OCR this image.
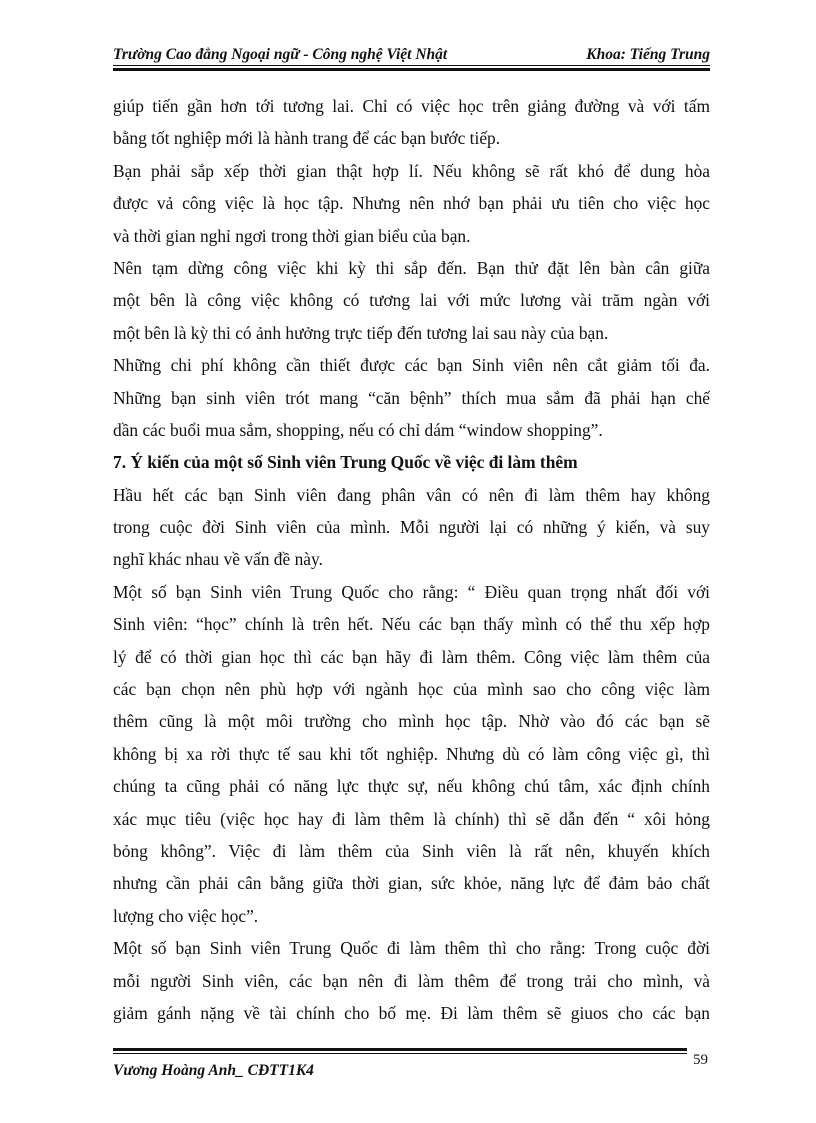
Trường Cao đẳng Ngoại ngữ - Công nghệ Việt Nhật	Khoa: Tiếng Trung
giúp tiến gần hơn tới tương lai. Chỉ có việc học trên giảng đường và với tấm
bằng tốt nghiệp mới là hành trang để các bạn bước tiếp.
Bạn phải sắp xếp thời gian thật hợp lí. Nếu không sẽ rất khó để dung hòa
được vả công việc là học tập. Nhưng nên nhớ bạn phải ưu tiên cho việc học
và thời gian nghỉ ngơi trong thời gian biểu của bạn.
Nên tạm dừng công việc khi kỳ thi sắp đến. Bạn thử đặt lên bàn cân giữa
một bên là công việc không có tương lai với mức lương vài trăm ngàn với
một bên là kỳ thi có ảnh hưởng trực tiếp đến tương lai sau này của bạn.
Những chi phí không cần thiết được các bạn Sinh viên nên cắt giảm tối đa.
Những bạn sinh viên trót mang “căn bệnh” thích mua sắm đã phải hạn chế
dần các buổi mua sắm, shopping, nếu có chỉ dám “window shopping”.
7. Ý kiến của một số Sinh viên Trung Quốc về việc đi làm thêm
Hầu hết các bạn Sinh viên đang phân vân có nên đi làm thêm hay không
trong cuộc đời Sinh viên của mình. Mỗi người lại có những ý kiến, và suy
nghĩ khác nhau về vấn đề này.
Một số bạn Sinh viên Trung Quốc cho rằng: “ Điều quan trọng nhất đối với
Sinh viên: “học” chính là trên hết. Nếu các bạn thấy mình có thể thu xếp hợp
lý để có thời gian học thì các bạn hãy đi làm thêm. Công việc làm thêm của
các bạn chọn nên phù hợp với ngành học của mình sao cho công việc làm
thêm cũng là một môi trường cho mình học tập. Nhờ vào đó các bạn sẽ
không bị xa rời thực tế sau khi tốt nghiệp. Nhưng dù có làm công việc gì, thì
chúng ta cũng phải có năng lực thực sự, nếu không chú tâm, xác định chính
xác mục tiêu (việc học hay đi làm thêm là chính) thì sẽ dẫn đến “ xôi hỏng
bỏng không”. Việc đi làm thêm của Sinh viên là rất nên, khuyến khích
nhưng cần phải cân bằng giữa thời gian, sức khỏe, năng lực để đảm bảo chất
lượng cho việc học”.
Một số bạn Sinh viên Trung Quốc đi làm thêm thì cho rằng: Trong cuộc đời
mỗi người Sinh viên, các bạn nên đi làm thêm để trong trải cho mình, và
giảm gánh nặng về tài chính cho bố mẹ. Đi làm thêm sẽ giuos cho các bạn
Vương Hoàng Anh_ CĐTT1K4
59
